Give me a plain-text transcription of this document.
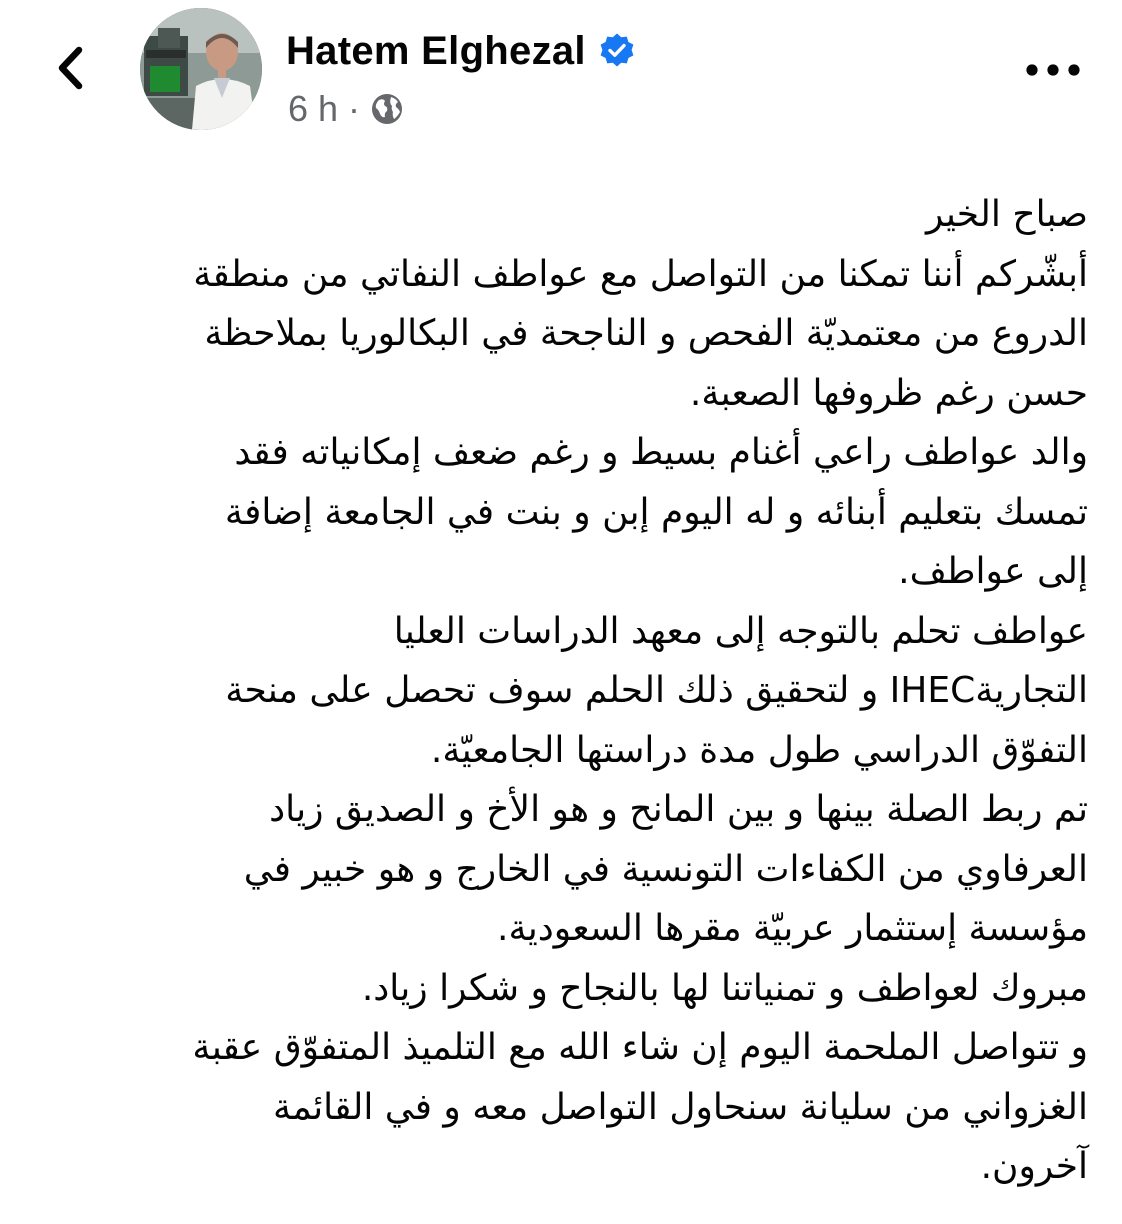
Hatem Elghezal
6 h ·
صباح الخير
أبشّركم أننا تمكنا من التواصل مع عواطف النفاتي من منطقة
الدروع من معتمديّة الفحص و الناجحة في البكالوريا بملاحظة
حسن رغم ظروفها الصعبة.
والد عواطف راعي أغنام بسيط و رغم ضعف إمكانياته فقد
تمسك بتعليم أبنائه و له اليوم إبن و بنت في الجامعة إضافة
إلى عواطف.
عواطف تحلم بالتوجه إلى معهد الدراسات العليا
التجاريةIHEC و لتحقيق ذلك الحلم سوف تحصل على منحة
التفوّق الدراسي طول مدة دراستها الجامعيّة.
تم ربط الصلة بينها و بين المانح و هو الأخ و الصديق زياد
العرفاوي من الكفاءات التونسية في الخارج و هو خبير في
مؤسسة إستثمار عربيّة مقرها السعودية.
مبروك لعواطف و تمنياتنا لها بالنجاح و شكرا زياد.
و تتواصل الملحمة اليوم إن شاء الله مع التلميذ المتفوّق عقبة
الغزواني من سليانة سنحاول التواصل معه و في القائمة
آخرون.
